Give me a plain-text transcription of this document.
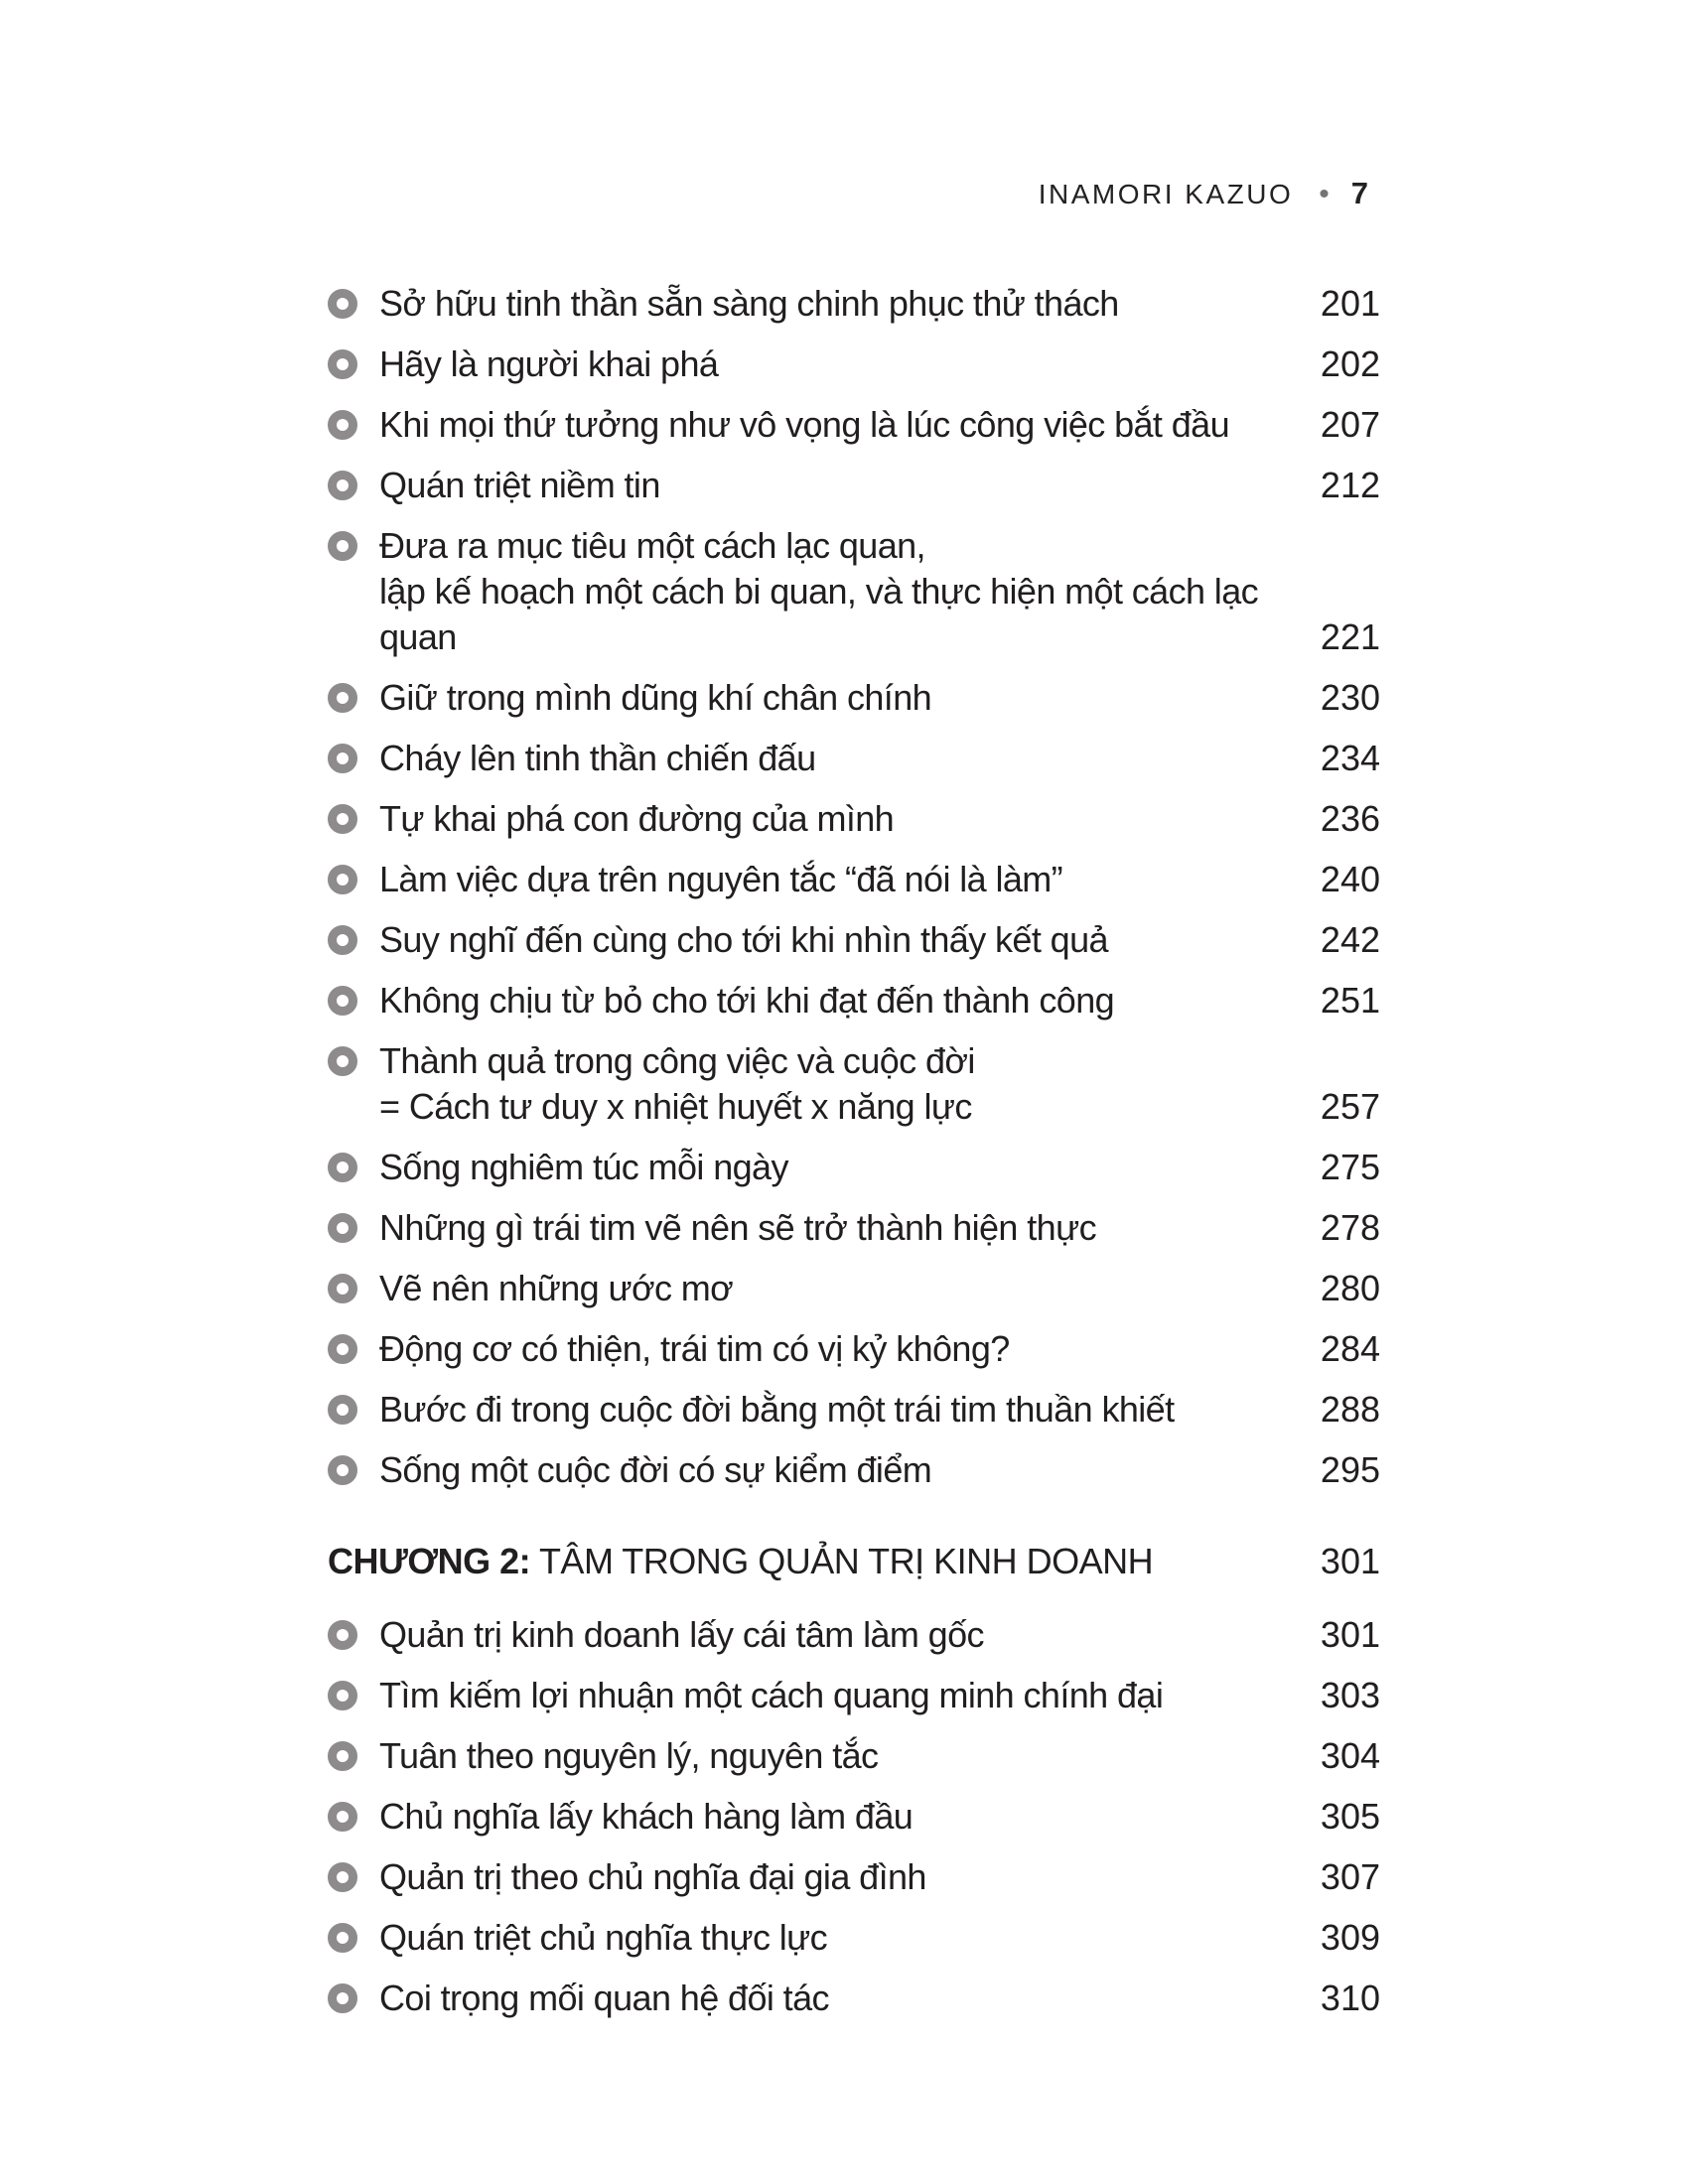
INAMORI KAZUO • 7
Sở hữu tinh thần sẵn sàng chinh phục thử thách	201
Hãy là người khai phá	202
Khi mọi thứ tưởng như vô vọng là lúc công việc bắt đầu	207
Quán triệt niềm tin	212
Đưa ra mục tiêu một cách lạc quan,
lập kế hoạch một cách bi quan, và thực hiện một cách lạc quan	221
Giữ trong mình dũng khí chân chính	230
Cháy lên tinh thần chiến đấu	234
Tự khai phá con đường của mình	236
Làm việc dựa trên nguyên tắc “đã nói là làm”	240
Suy nghĩ đến cùng cho tới khi nhìn thấy kết quả	242
Không chịu từ bỏ cho tới khi đạt đến thành công	251
Thành quả trong công việc và cuộc đời
= Cách tư duy x nhiệt huyết x năng lực	257
Sống nghiêm túc mỗi ngày	275
Những gì trái tim vẽ nên sẽ trở thành hiện thực	278
Vẽ nên những ước mơ	280
Động cơ có thiện, trái tim có vị kỷ không?	284
Bước đi trong cuộc đời bằng một trái tim thuần khiết	288
Sống một cuộc đời có sự kiểm điểm	295
CHƯƠNG 2: TÂM TRONG QUẢN TRỊ KINH DOANH	301
Quản trị kinh doanh lấy cái tâm làm gốc	301
Tìm kiếm lợi nhuận một cách quang minh chính đại	303
Tuân theo nguyên lý, nguyên tắc	304
Chủ nghĩa lấy khách hàng làm đầu	305
Quản trị theo chủ nghĩa đại gia đình	307
Quán triệt chủ nghĩa thực lực	309
Coi trọng mối quan hệ đối tác	310
